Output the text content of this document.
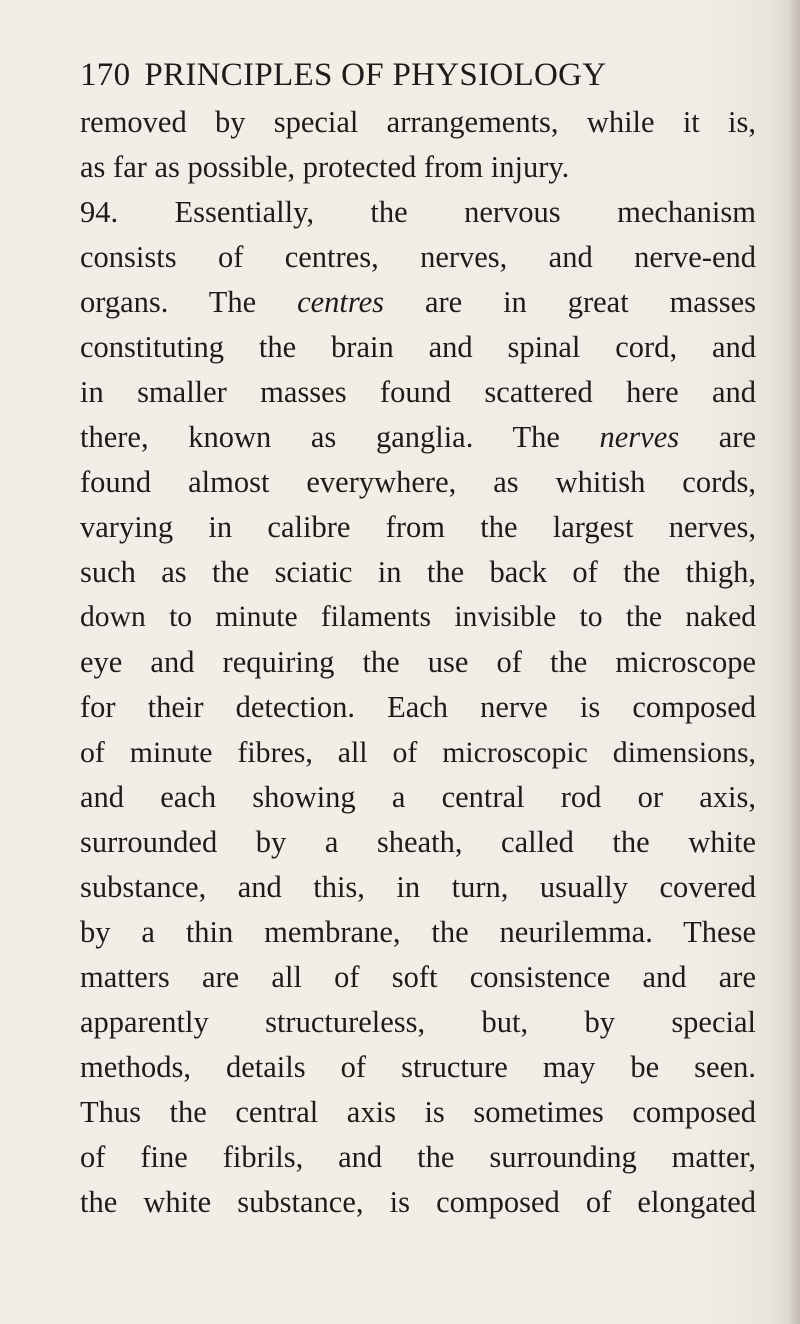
170 PRINCIPLES OF PHYSIOLOGY
removed by special arrangements, while it is,
as far as possible, protected from injury.
94. Essentially, the nervous mechanism
consists of centres, nerves, and nerve-end
organs. The centres are in great masses
constituting the brain and spinal cord, and
in smaller masses found scattered here and
there, known as ganglia. The nerves are
found almost everywhere, as whitish cords,
varying in calibre from the largest nerves,
such as the sciatic in the back of the thigh,
down to minute filaments invisible to the naked
eye and requiring the use of the microscope
for their detection. Each nerve is composed
of minute fibres, all of microscopic dimensions,
and each showing a central rod or axis,
surrounded by a sheath, called the white
substance, and this, in turn, usually covered
by a thin membrane, the neurilemma. These
matters are all of soft consistence and are
apparently structureless, but, by special
methods, details of structure may be seen.
Thus the central axis is sometimes composed
of fine fibrils, and the surrounding matter,
the white substance, is composed of elongated
